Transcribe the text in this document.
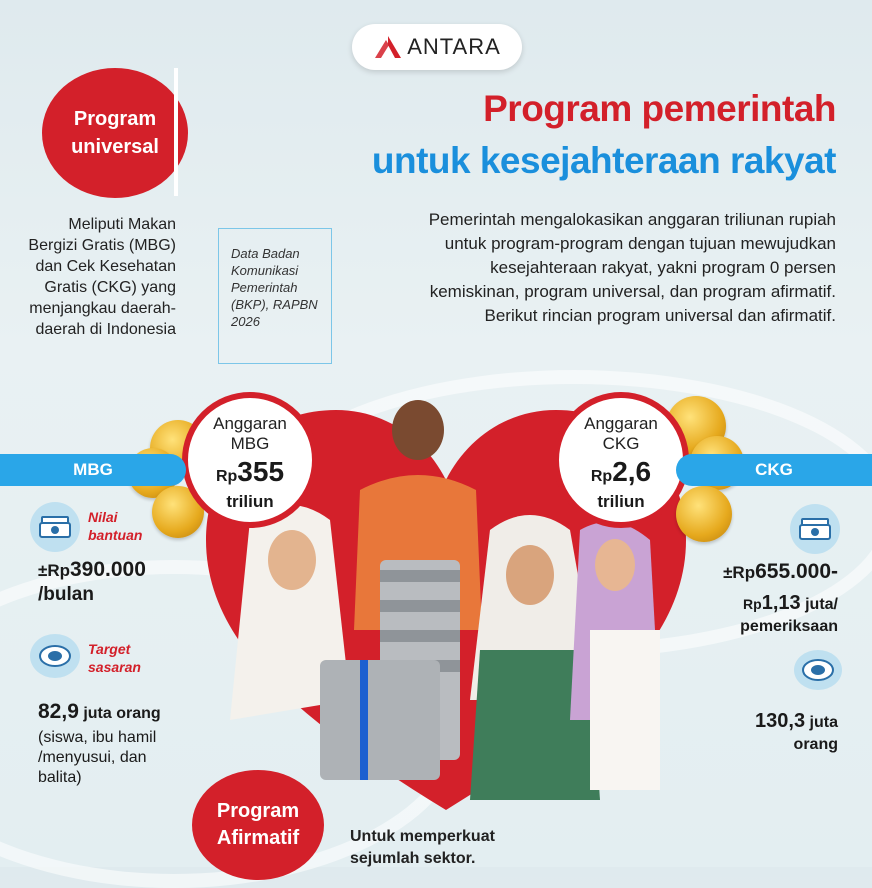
ANTARA
Program universal
Meliputi Makan Bergizi Gratis (MBG) dan Cek Kesehatan Gratis (CKG) yang menjangkau daerah-daerah di Indonesia
Data Badan Komunikasi Pemerintah (BKP), RAPBN 2026
Program pemerintah
untuk kesejahteraan rakyat
Pemerintah mengalokasikan anggaran triliunan rupiah untuk program-program dengan tujuan mewujudkan kesejahteraan rakyat, yakni program 0 persen kemiskinan, program universal, dan program afirmatif. Berikut rincian program universal dan afirmatif.
Anggaran
MBG
Rp355
triliun
Anggaran
CKG
Rp2,6
triliun
MBG	CKG
Nilai bantuan
±Rp390.000
/bulan
Target sasaran
82,9 juta orang
(siswa, ibu hamil /menyusui, dan balita)
±Rp655.000-
Rp1,13 juta/
pemeriksaan
130,3 juta
orang
Program Afirmatif	Untuk memperkuat sejumlah sektor.
